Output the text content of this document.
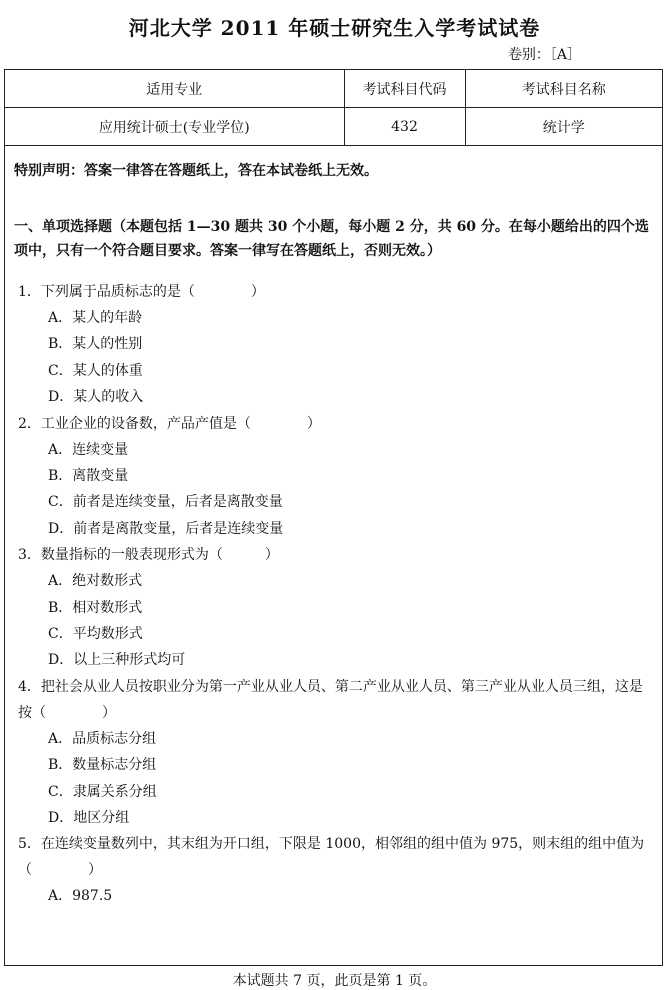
河北大学 2011 年硕士研究生入学考试试卷
卷别：［A］
适用专业	考试科目代码	考试科目名称
应用统计硕士(专业学位)	432	统计学
特别声明：答案一律答在答题纸上，答在本试卷纸上无效。
一、单项选择题（本题包括 1—30 题共 30 个小题，每小题 2 分，共 60 分。在每小题给出的四个选项中，只有一个符合题目要求。答案一律写在答题纸上，否则无效。）
1．下列属于品质标志的是（　　　　）
A．某人的年龄
B．某人的性别
C．某人的体重
D．某人的收入
2．工业企业的设备数，产品产值是（　　　　）
A．连续变量
B．离散变量
C．前者是连续变量，后者是离散变量
D．前者是离散变量，后者是连续变量
3．数量指标的一般表现形式为（　　　）
A．绝对数形式
B．相对数形式
C．平均数形式
D．以上三种形式均可
4．把社会从业人员按职业分为第一产业从业人员、第二产业从业人员、第三产业从业人员三组，这是按（　　　　）
A．品质标志分组
B．数量标志分组
C．隶属关系分组
D．地区分组
5．在连续变量数列中，其末组为开口组，下限是 1000，相邻组的组中值为 975，则末组的组中值为（　　　　）
A．987.5
本试题共 7 页，此页是第 1 页。
